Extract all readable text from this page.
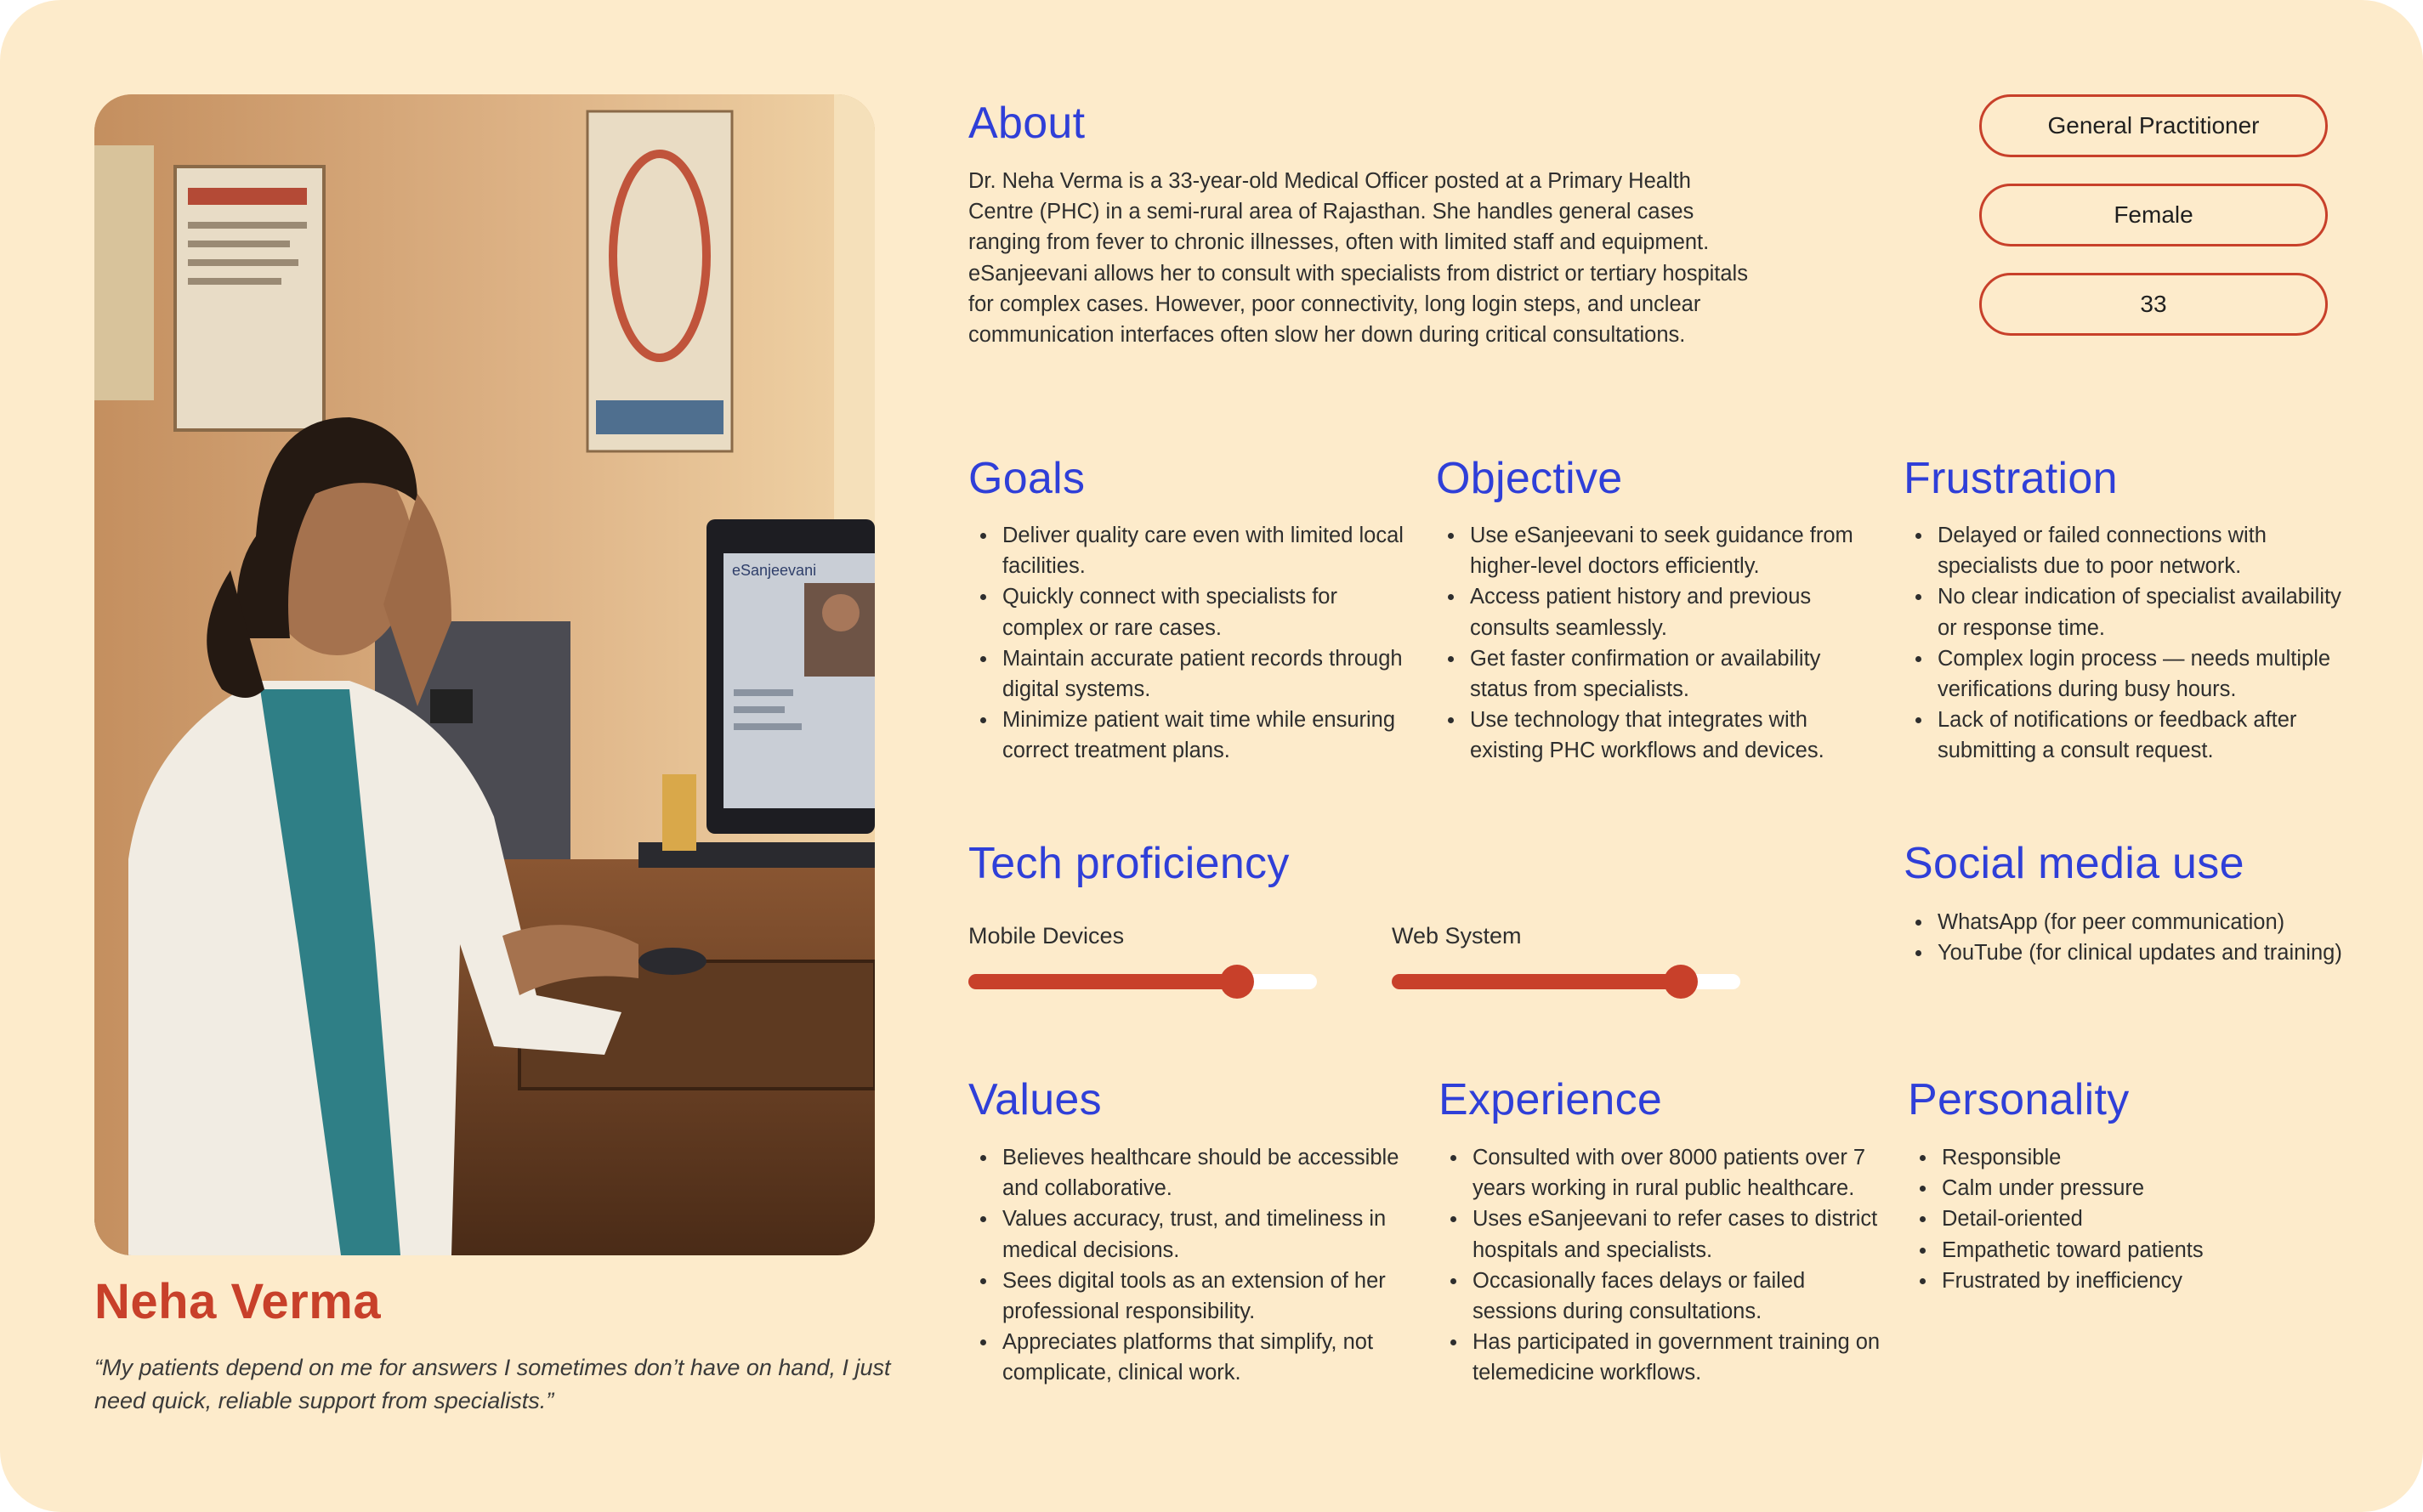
eSanjeevani
Neha Verma
“My patients depend on me for answers I sometimes don’t have on hand, I just need quick, reliable support from specialists.”
About
Dr. Neha Verma is a 33-year-old Medical Officer posted at a Primary Health Centre (PHC) in a semi-rural area of Rajasthan. She handles general cases ranging from fever to chronic illnesses, often with limited staff and equipment. eSanjeevani allows her to consult with specialists from district or tertiary hospitals for complex cases. However, poor connectivity, long login steps, and unclear communication interfaces often slow her down during critical consultations.
General Practitioner
Female
33
Goals
Deliver quality care even with limited local facilities.
Quickly connect with specialists for complex or rare cases.
Maintain accurate patient records through digital systems.
Minimize patient wait time while ensuring correct treatment plans.
Objective
Use eSanjeevani to seek guidance from higher-level doctors efficiently.
Access patient history and previous consults seamlessly.
Get faster confirmation or availability status from specialists.
Use technology that integrates with existing PHC workflows and devices.
Frustration
Delayed or failed connections with specialists due to poor network.
No clear indication of specialist availability or response time.
Complex login process — needs multiple verifications during busy hours.
Lack of notifications or feedback after submitting a consult request.
Tech proficiency
Mobile Devices	Web System
Social media use
WhatsApp (for peer communication)
YouTube (for clinical updates and training)
Values
Believes healthcare should be accessible and collaborative.
Values accuracy, trust, and timeliness in medical decisions.
Sees digital tools as an extension of her professional responsibility.
Appreciates platforms that simplify, not complicate, clinical work.
Experience
Consulted with over 8000 patients over 7 years working in rural public healthcare.
Uses eSanjeevani to refer cases to district hospitals and specialists.
Occasionally faces delays or failed sessions during consultations.
Has participated in government training on telemedicine workflows.
Personality
Responsible
Calm under pressure
Detail-oriented
Empathetic toward patients
Frustrated by inefficiency
